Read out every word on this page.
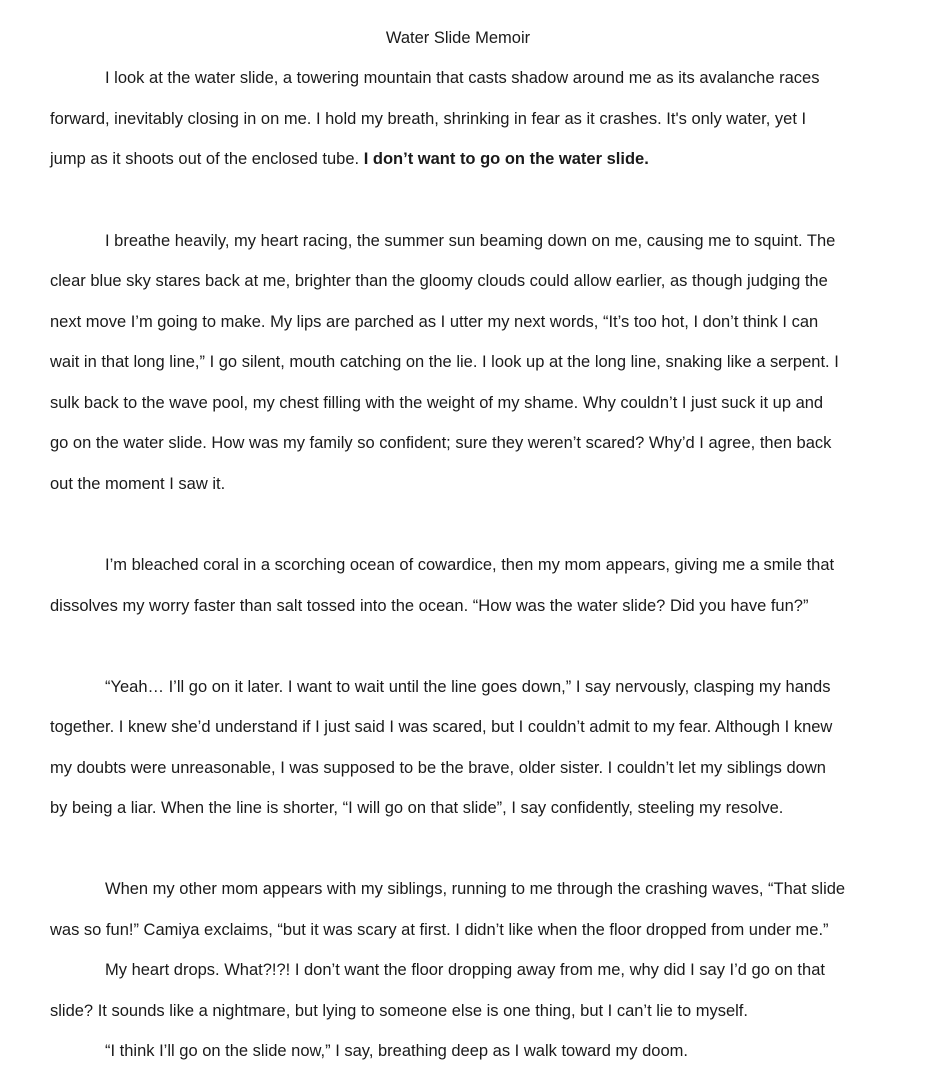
Water Slide Memoir
I look at the water slide, a towering mountain that casts shadow around me as its avalanche races
forward, inevitably closing in on me. I hold my breath, shrinking in fear as it crashes. It's only water, yet I
jump as it shoots out of the enclosed tube. I don’t want to go on the water slide.
I breathe heavily, my heart racing, the summer sun beaming down on me, causing me to squint. The
clear blue sky stares back at me, brighter than the gloomy clouds could allow earlier, as though judging the
next move I’m going to make. My lips are parched as I utter my next words, “It’s too hot, I don’t think I can
wait in that long line,” I go silent, mouth catching on the lie. I look up at the long line, snaking like a serpent. I
sulk back to the wave pool, my chest filling with the weight of my shame. Why couldn’t I just suck it up and
go on the water slide. How was my family so confident; sure they weren’t scared? Why’d I agree, then back
out the moment I saw it.
I’m bleached coral in a scorching ocean of cowardice, then my mom appears, giving me a smile that
dissolves my worry faster than salt tossed into the ocean. “How was the water slide? Did you have fun?”
“Yeah… I’ll go on it later. I want to wait until the line goes down,” I say nervously, clasping my hands
together. I knew she’d understand if I just said I was scared, but I couldn’t admit to my fear. Although I knew
my doubts were unreasonable, I was supposed to be the brave, older sister. I couldn’t let my siblings down
by being a liar. When the line is shorter, “I will go on that slide”, I say confidently, steeling my resolve.
When my other mom appears with my siblings, running to me through the crashing waves, “That slide
was so fun!” Camiya exclaims, “but it was scary at first. I didn’t like when the floor dropped from under me.”
My heart drops. What?!?! I don’t want the floor dropping away from me, why did I say I’d go on that
slide? It sounds like a nightmare, but lying to someone else is one thing, but I can’t lie to myself.
“I think I’ll go on the slide now,” I say, breathing deep as I walk toward my doom.
